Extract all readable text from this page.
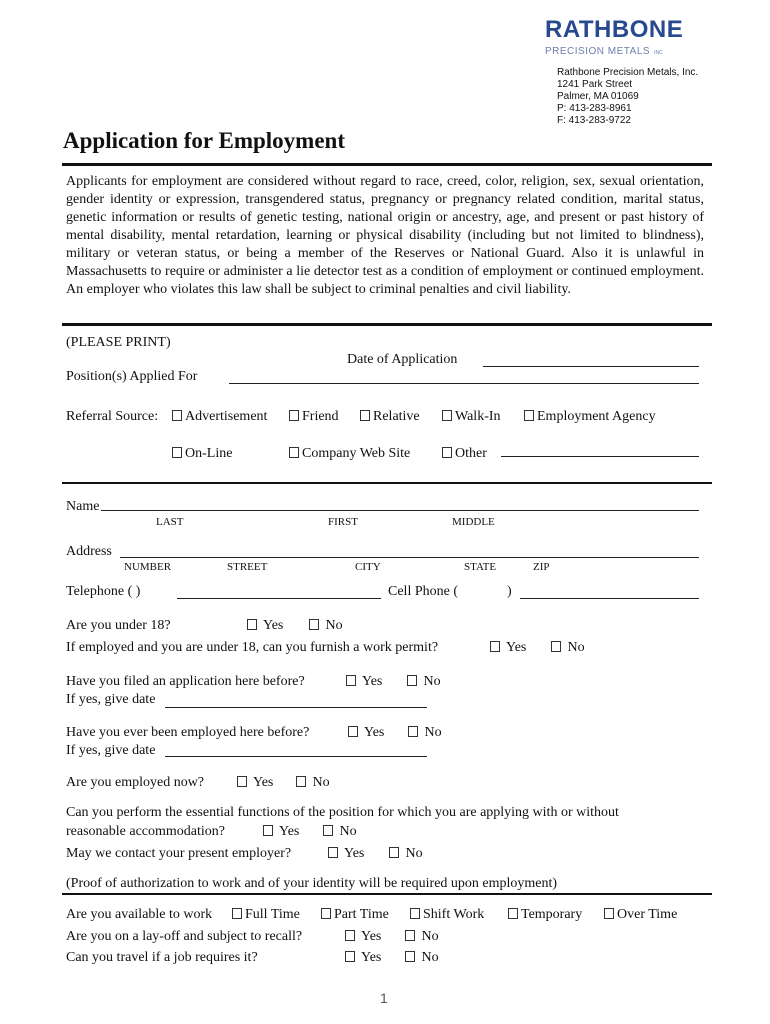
RATHBONE
PRECISION METALS INC
Rathbone Precision Metals, Inc.
1241 Park Street
Palmer, MA 01069
P: 413-283-8961
F: 413-283-9722
Application for Employment
Applicants for employment are considered without regard to race, creed, color, religion, sex, sexual orientation, gender identity or expression, transgendered status, pregnancy or pregnancy related condition, marital status, genetic information or results of genetic testing, national origin or ancestry, age, and present or past history of mental disability, mental retardation, learning or physical disability (including but not limited to blindness), military or veteran status, or being a member of the Reserves or National Guard. Also it is unlawful in Massachusetts to require or administer a lie detector test as a condition of employment or continued employment. An employer who violates this law shall be subject to criminal penalties and civil liability.
(PLEASE PRINT)
Date of Application
Position(s) Applied For
Referral Source:	Advertisement	Friend	Relative	Walk-In	Employment Agency
On-Line	Company Web Site	Other
Name
LAST	FIRST	MIDDLE
Address
NUMBER	STREET	CITY	STATE	ZIP
Telephone ( )	Cell Phone (	)
Are you under 18?	Yes	No
If employed and you are under 18, can you furnish a work permit?	Yes	No
Have you filed an application here before?	Yes	No
If yes, give date
Have you ever been employed here before?	Yes	No
If yes, give date
Are you employed now?	Yes	No
Can you perform the essential functions of the position for which you are applying with or without
reasonable accommodation?	Yes	No
May we contact your present employer?	Yes	No
(Proof of authorization to work and of your identity will be required upon employment)
Are you available to work	Full Time	Part Time	Shift Work	Temporary	Over Time
Are you on a lay-off and subject to recall?	Yes	No
Can you travel if a job requires it?	Yes	No
1
